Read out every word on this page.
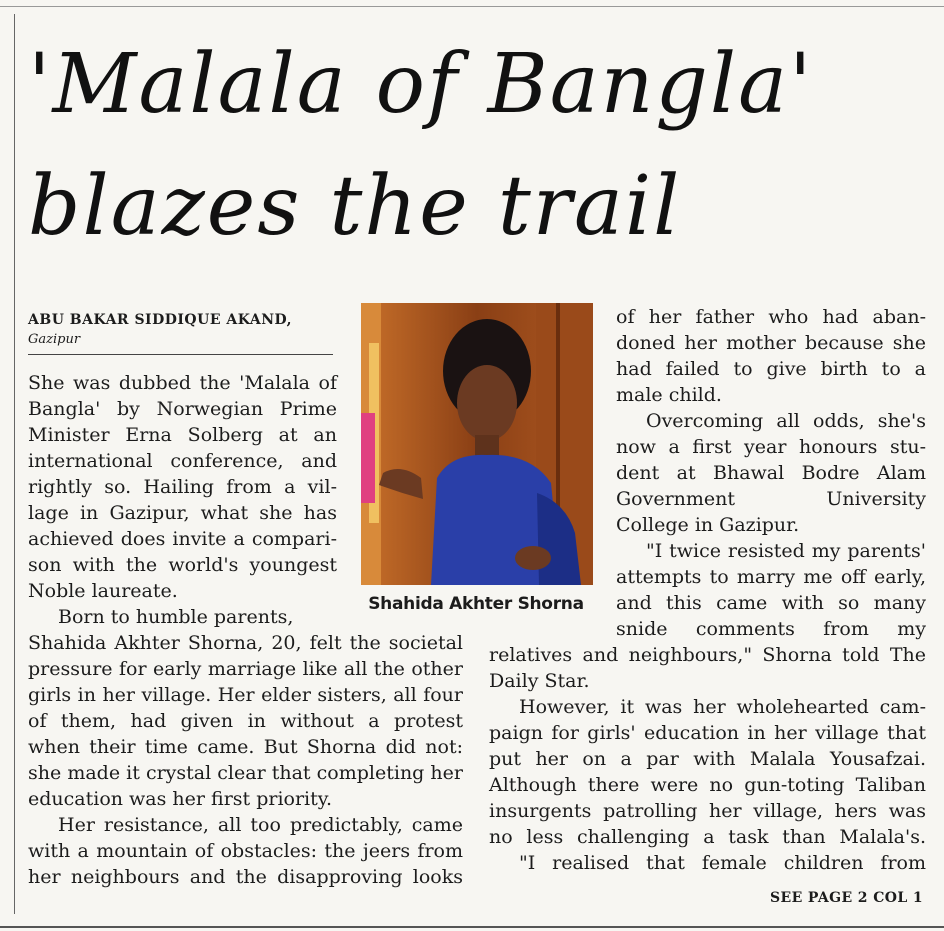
'Malala of Bangla'
blazes the trail
ABU BAKAR SIDDIQUE AKAND,
Gazipur
Shahida Akhter Shorna
She was dubbed the 'Malala of
Bangla' by Norwegian Prime
Minister Erna Solberg at an
international conference, and
rightly so. Hailing from a vil-
lage in Gazipur, what she has
achieved does invite a compari-
son with the world's youngest
Noble laureate.
Born to humble parents,
Shahida Akhter Shorna, 20, felt the societal
pressure for early marriage like all the other
girls in her village. Her elder sisters, all four
of them, had given in without a protest
when their time came. But Shorna did not:
she made it crystal clear that completing her
education was her first priority.
Her resistance, all too predictably, came
with a mountain of obstacles: the jeers from
her neighbours and the disapproving looks
of her father who had aban-
doned her mother because she
had failed to give birth to a
male child.
Overcoming all odds, she's
now a first year honours stu-
dent at Bhawal Bodre Alam
Government University
College in Gazipur.
"I twice resisted my parents'
attempts to marry me off early,
and this came with so many
snide comments from my
relatives and neighbours," Shorna told The
Daily Star.
However, it was her wholehearted cam-
paign for girls' education in her village that
put her on a par with Malala Yousafzai.
Although there were no gun-toting Taliban
insurgents patrolling her village, hers was
no less challenging a task than Malala's.
"I realised that female children from
SEE PAGE 2 COL 1
